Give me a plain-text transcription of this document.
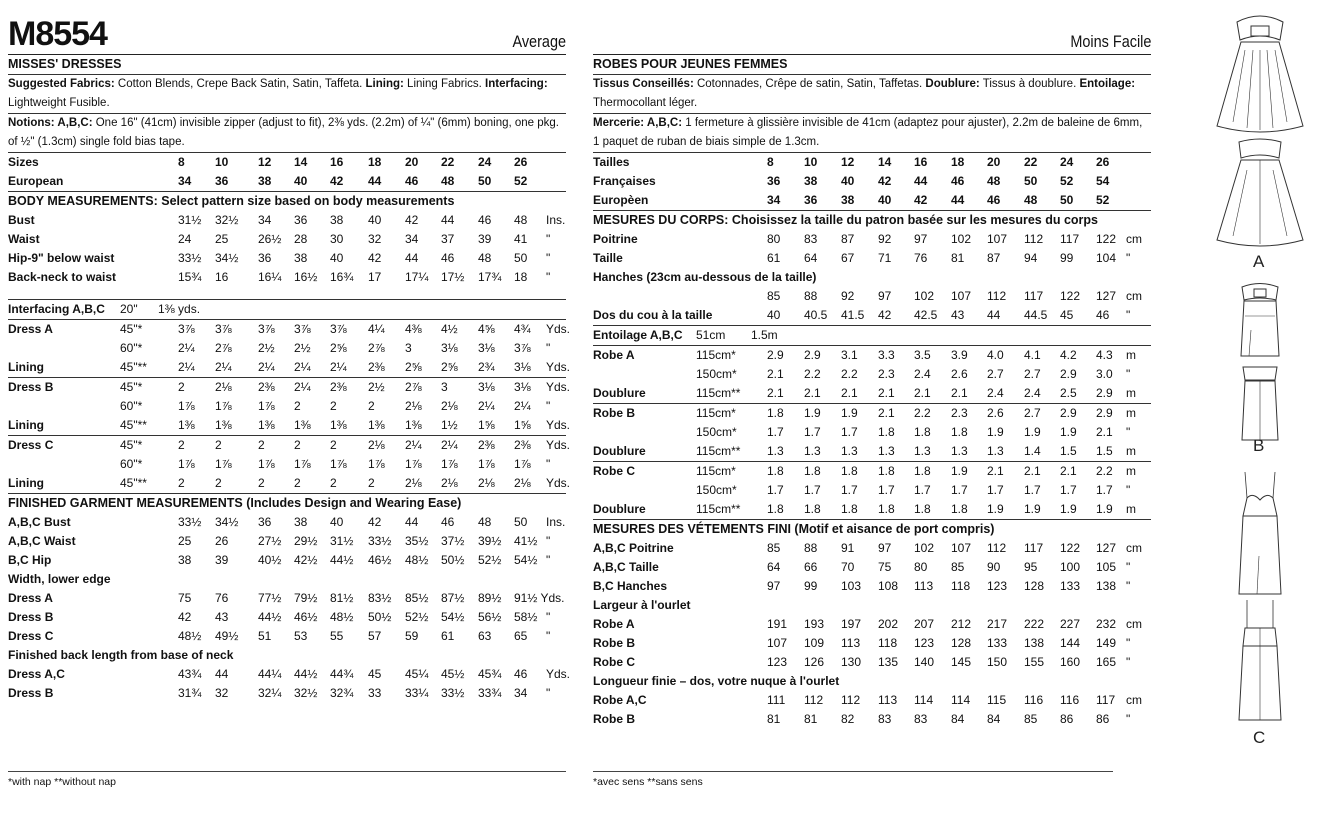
M8554	Average
MISSES' DRESSES
Suggested Fabrics: Cotton Blends, Crepe Back Satin, Satin, Taffeta. Lining: Lining Fabrics. Interfacing: Lightweight Fusible.
Notions: A,B,C: One 16" (41cm) invisible zipper (adjust to fit), 2⅜ yds. (2.2m) of ¼" (6mm) boning, one pkg. of ½" (1.3cm) single fold bias tape.
Sizes	8	10 12 14 16 18 20 22 24 26
European	34 36 38 40 42 44 46 48 50 52
BODY MEASUREMENTS: Select pattern size based on body measurements
Bust	31½ 32½ 34 36 38 40 42 44 46 48 Ins.
Waist	24 25 26½ 28 30 32 34 37 39 41 "
Hip-9" below waist	33½ 34½ 36 38 40 42 44 46 48 50 "
Back-neck to waist	15¾ 16 16¼ 16½ 16¾ 17 17¼ 17½ 17¾ 18 "
Interfacing A,B,C 20" 1⅜ yds.
Dress A	45"*	3⅞ 3⅞ 3⅞ 3⅞ 3⅞ 4¼ 4⅜ 4½ 4⅝ 4¾ Yds.
60"*	2¼ 2⅞ 2½ 2½ 2⅝ 2⅞ 3 3⅛ 3⅛ 3⅞ "
Lining	45"**	2¼ 2¼ 2¼ 2¼ 2¼ 2⅜ 2⅝ 2⅝ 2¾ 3⅛ Yds.
Dress B	45"*	2	2⅛ 2⅜ 2¼ 2⅜ 2½ 2⅞ 3	3⅛ 3⅛ Yds.
60"*	1⅞ 1⅞ 1⅞ 2 2	2	2⅛ 2⅛ 2¼ 2¼ "
Lining	45"**	1⅜ 1⅜ 1⅜ 1⅜ 1⅜ 1⅜ 1⅜ 1½ 1⅝ 1⅝ Yds.
Dress C	45"*	2	2	2 2 2	2⅛ 2¼ 2¼ 2⅜ 2⅜ Yds.
60"*	1⅞ 1⅞ 1⅞ 1⅞ 1⅞ 1⅞ 1⅞ 1⅞ 1⅞ 1⅞ "
Lining	45"**	2	2	2 2 2	2	2⅛ 2⅛ 2⅛ 2⅛ Yds.
FINISHED GARMENT MEASUREMENTS (Includes Design and Wearing Ease)
A,B,C Bust	33½ 34½ 36 38 40 42 44 46 48 50 Ins.
A,B,C Waist	25 26 27½ 29½ 31½ 33½ 35½ 37½ 39½ 41½ "
B,C Hip	38 39 40½ 42½ 44½ 46½ 48½ 50½ 52½ 54½ "
Width, lower edge
Dress A	75 76 77½ 79½ 81½ 83½ 85½ 87½ 89½ 91½ Yds.
Dress B	42 43 44½ 46½ 48½ 50½ 52½ 54½ 56½ 58½ "
Dress C	48½ 49½ 51 53 55 57 59 61 63 65 "
Finished back length from base of neck
Dress A,C	43¾ 44 44¼ 44½ 44¾ 45 45¼ 45½ 45¾ 46 Yds.
Dress B	31¾ 32 32¼ 32½ 32¾ 33 33¼ 33½ 33¾ 34 "
Moins Facile
ROBES POUR JEUNES FEMMES
Tissus Conseillés: Cotonnades, Crêpe de satin, Satin, Taffetas. Doublure: Tissus à doublure. Entoilage: Thermocollant léger.
Mercerie: A,B,C: 1 fermeture à glissière invisible de 41cm (adaptez pour ajuster), 2.2m de baleine de 6mm, 1 paquet de ruban de biais simple de 1.3cm.
Tailles	8	10 12 14 16 18 20 22 24 26
Françaises	36 38 40 42 44 46 48 50 52 54
Europèen	34 36 38 40 42 44 46 48 50 52
MESURES DU CORPS: Choisissez la taille du patron basée sur les mesures du corps
Poitrine	80 83 87 92 97 102 107 112 117 122 cm
Taille	61 64 67 71 76 81 87 94 99 104 "
Hanches (23cm au-dessous de la taille)
85 88 92 97 102 107 112 117 122 127 cm
Dos du cou à la taille	40 40.5 41.5 42 42.5 43 44 44.5 45 46 "
Entoilage A,B,C 51cm 1.5m
Robe A	115cm*	2.9 2.9 3.1 3.3 3.5 3.9 4.0 4.1 4.2 4.3 m
150cm*	2.1 2.2 2.2 2.3 2.4 2.6 2.7 2.7 2.9 3.0 "
Doublure	115cm** 2.1 2.1 2.1 2.1 2.1 2.1 2.4 2.4 2.5 2.9 m
Robe B	115cm*	1.8 1.9 1.9 2.1 2.2 2.3 2.6 2.7 2.9 2.9 m
150cm*	1.7 1.7 1.7 1.8 1.8 1.8 1.9 1.9 1.9 2.1 "
Doublure	115cm** 1.3 1.3 1.3 1.3 1.3 1.3 1.3 1.4 1.5 1.5 m
Robe C	115cm*	1.8 1.8 1.8 1.8 1.8 1.9 2.1 2.1 2.1 2.2 m
150cm*	1.7 1.7 1.7 1.7 1.7 1.7 1.7 1.7 1.7 1.7 "
Doublure	115cm** 1.8 1.8 1.8 1.8 1.8 1.8 1.9 1.9 1.9 1.9 m
MESURES DES VÉTEMENTS FINI (Motif et aisance de port compris)
A,B,C Poitrine	85 88 91 97 102 107 112 117 122 127 cm
A,B,C Taille	64 66 70 75 80 85 90 95 100 105 "
B,C Hanches	97 99 103 108 113 118 123 128 133 138 "
Largeur à l'ourlet
Robe A	191 193 197 202 207 212 217 222 227 232 cm
Robe B	107 109 113 118 123 128 133 138 144 149 "
Robe C	123 126 130 135 140 145 150 155 160 165 "
Longueur finie – dos, votre nuque à l'ourlet
Robe A,C	111 112 112 113 114 114 115 116 116 117 cm
Robe B	81 81 82 83 83 84 84 85 86 86 "
*with nap **without nap	*avec sens **sans sens
A
B
C
